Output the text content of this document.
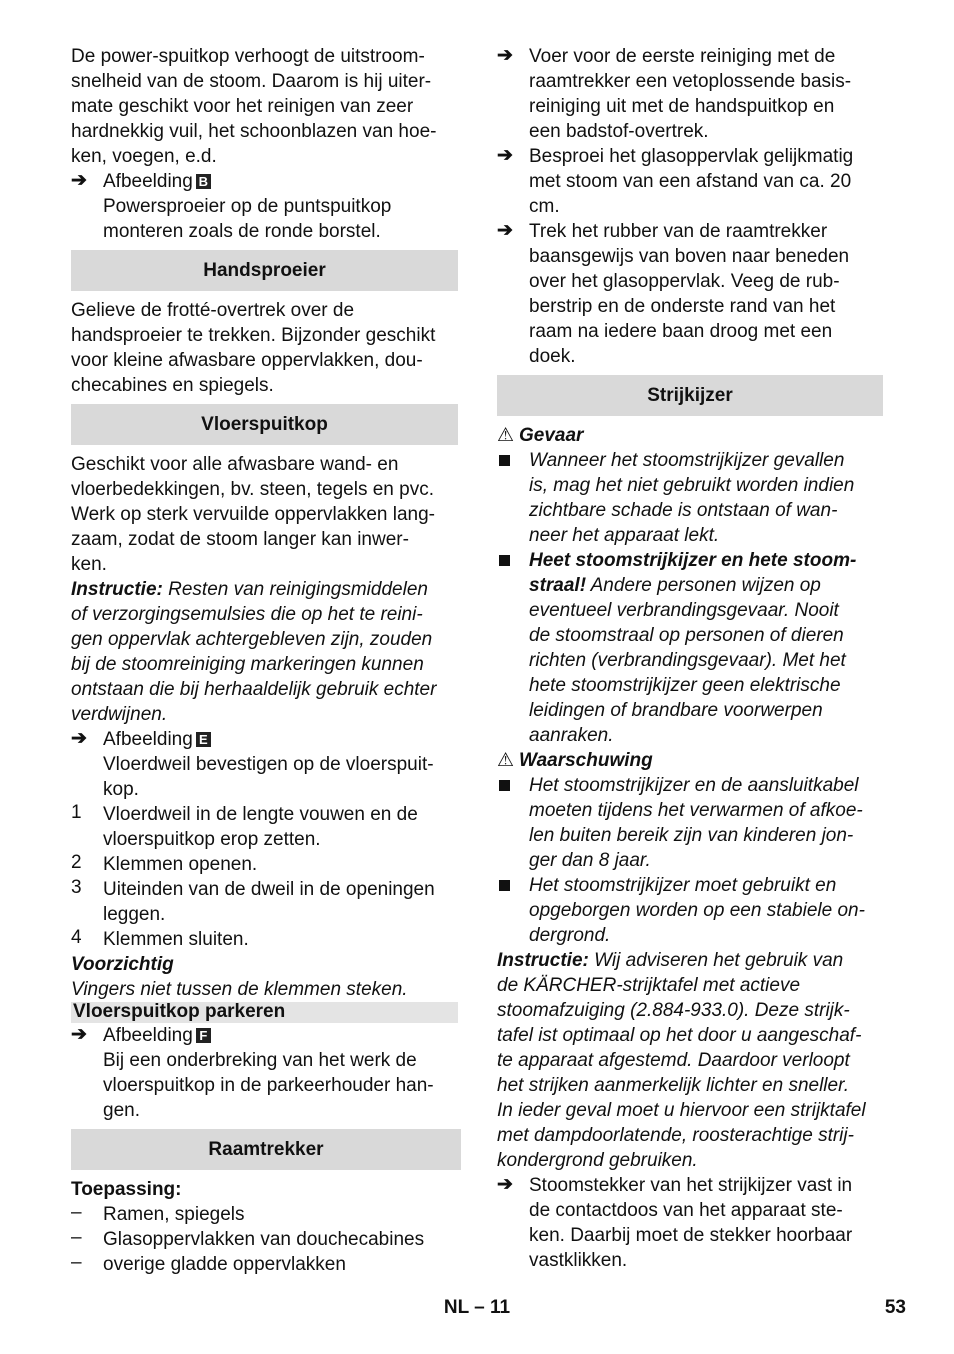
De power-spuitkop verhoogt de uitstroom-
snelheid van de stoom. Daarom is hij uiter-
mate geschikt voor het reinigen van zeer
hardnekkig vuil, het schoonblazen van hoe-
ken, voegen, e.d.
➔ Afbeelding B
Powersproeier op de puntspuitkop
monteren zoals de ronde borstel.
Handsproeier
Gelieve de frotté-overtrek over de
handsproeier te trekken. Bijzonder geschikt
voor kleine afwasbare oppervlakken, dou-
checabines en spiegels.
Vloerspuitkop
Geschikt voor alle afwasbare wand- en
vloerbedekkingen, bv. steen, tegels en pvc.
Werk op sterk vervuilde oppervlakken lang-
zaam, zodat de stoom langer kan inwer-
ken.
Instructie: Resten van reinigingsmiddelen
of verzorgingsemulsies die op het te reini-
gen oppervlak achtergebleven zijn, zouden
bij de stoomreiniging markeringen kunnen
ontstaan die bij herhaaldelijk gebruik echter
verdwijnen.
➔ Afbeelding E
Vloerdweil bevestigen op de vloerspuit-
kop.
1	Vloerdweil in de lengte vouwen en de
vloerspuitkop erop zetten.
2	Klemmen openen.
3	Uiteinden van de dweil in de openingen
leggen.
4	Klemmen sluiten.
Voorzichtig
Vingers niet tussen de klemmen steken.
Vloerspuitkop parkeren
➔ Afbeelding F
Bij een onderbreking van het werk de
vloerspuitkop in de parkeerhouder han-
gen.
Raamtrekker
Toepassing:
–	Ramen, spiegels
–	Glasoppervlakken van douchecabines
–	overige gladde oppervlakken
➔ Voer voor de eerste reiniging met de
raamtrekker een vetoplossende basis-
reiniging uit met de handspuitkop en
een badstof-overtrek.
➔ Besproei het glasoppervlak gelijkmatig
met stoom van een afstand van ca. 20
cm.
➔ Trek het rubber van de raamtrekker
baansgewijs van boven naar beneden
over het glasoppervlak. Veeg de rub-
berstrip en de onderste rand van het
raam na iedere baan droog met een
doek.
Strijkijzer
⚠ Gevaar
Wanneer het stoomstrijkijzer gevallen
is, mag het niet gebruikt worden indien
zichtbare schade is ontstaan of wan-
neer het apparaat lekt.
Heet stoomstrijkijzer en hete stoom-
straal! Andere personen wijzen op
eventueel verbrandingsgevaar. Nooit
de stoomstraal op personen of dieren
richten (verbrandingsgevaar). Met het
hete stoomstrijkijzer geen elektrische
leidingen of brandbare voorwerpen
aanraken.
⚠ Waarschuwing
Het stoomstrijkijzer en de aansluitkabel
moeten tijdens het verwarmen of afkoe-
len buiten bereik zijn van kinderen jon-
ger dan 8 jaar.
Het stoomstrijkijzer moet gebruikt en
opgeborgen worden op een stabiele on-
dergrond.
Instructie: Wij adviseren het gebruik van
de KÄRCHER-strijktafel met actieve
stoomafzuiging (2.884-933.0). Deze strijk-
tafel ist optimaal op het door u aangeschaf-
te apparaat afgestemd. Daardoor verloopt
het strijken aanmerkelijk lichter en sneller.
In ieder geval moet u hiervoor een strijktafel
met dampdoorlatende, roosterachtige strij-
kondergrond gebruiken.
➔ Stoomstekker van het strijkijzer vast in
de contactdoos van het apparaat ste-
ken. Daarbij moet de stekker hoorbaar
vastklikken.
NL – 11	53
